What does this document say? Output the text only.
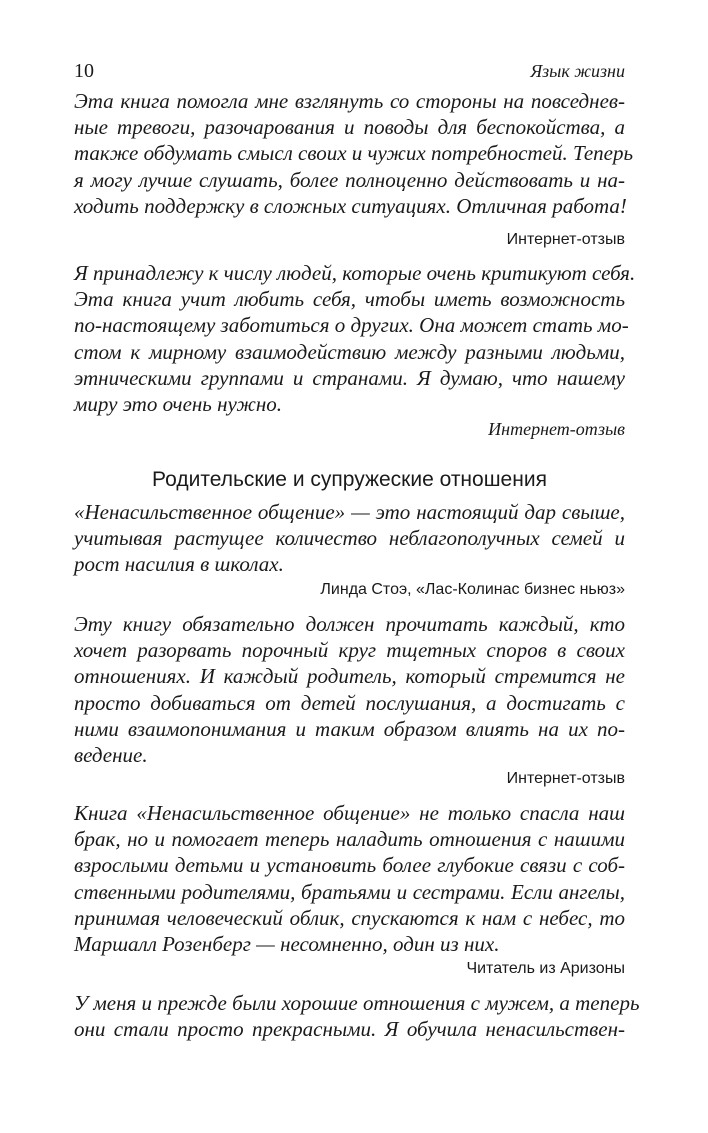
10	Язык жизни
Эта книга помогла мне взглянуть со стороны на повседнев-
ные тревоги, разочарования и поводы для беспокойства, а
также обдумать смысл своих и чужих потребностей. Теперь
я могу лучше слушать, более полноценно действовать и на-
ходить поддержку в сложных ситуациях. Отличная работа!
Интернет-отзыв
Я принадлежу к числу людей, которые очень критикуют себя.
Эта книга учит любить себя, чтобы иметь возможность
по-настоящему заботиться о других. Она может стать мо-
стом к мирному взаимодействию между разными людьми,
этническими группами и странами. Я думаю, что нашему
миру это очень нужно.
Интернет-отзыв
Родительские и супружеские отношения
«Ненасильственное общение» — это настоящий дар свыше,
учитывая растущее количество неблагополучных семей и
рост насилия в школах.
Линда Стоэ, «Лас-Колинас бизнес ньюз»
Эту книгу обязательно должен прочитать каждый, кто
хочет разорвать порочный круг тщетных споров в своих
отношениях. И каждый родитель, который стремится не
просто добиваться от детей послушания, а достигать с
ними взаимопонимания и таким образом влиять на их по-
ведение.
Интернет-отзыв
Книга «Ненасильственное общение» не только спасла наш
брак, но и помогает теперь наладить отношения с нашими
взрослыми детьми и установить более глубокие связи с соб-
ственными родителями, братьями и сестрами. Если ангелы,
принимая человеческий облик, спускаются к нам с небес, то
Маршалл Розенберг — несомненно, один из них.
Читатель из Аризоны
У меня и прежде были хорошие отношения с мужем, а теперь
они стали просто прекрасными. Я обучила ненасильствен-
